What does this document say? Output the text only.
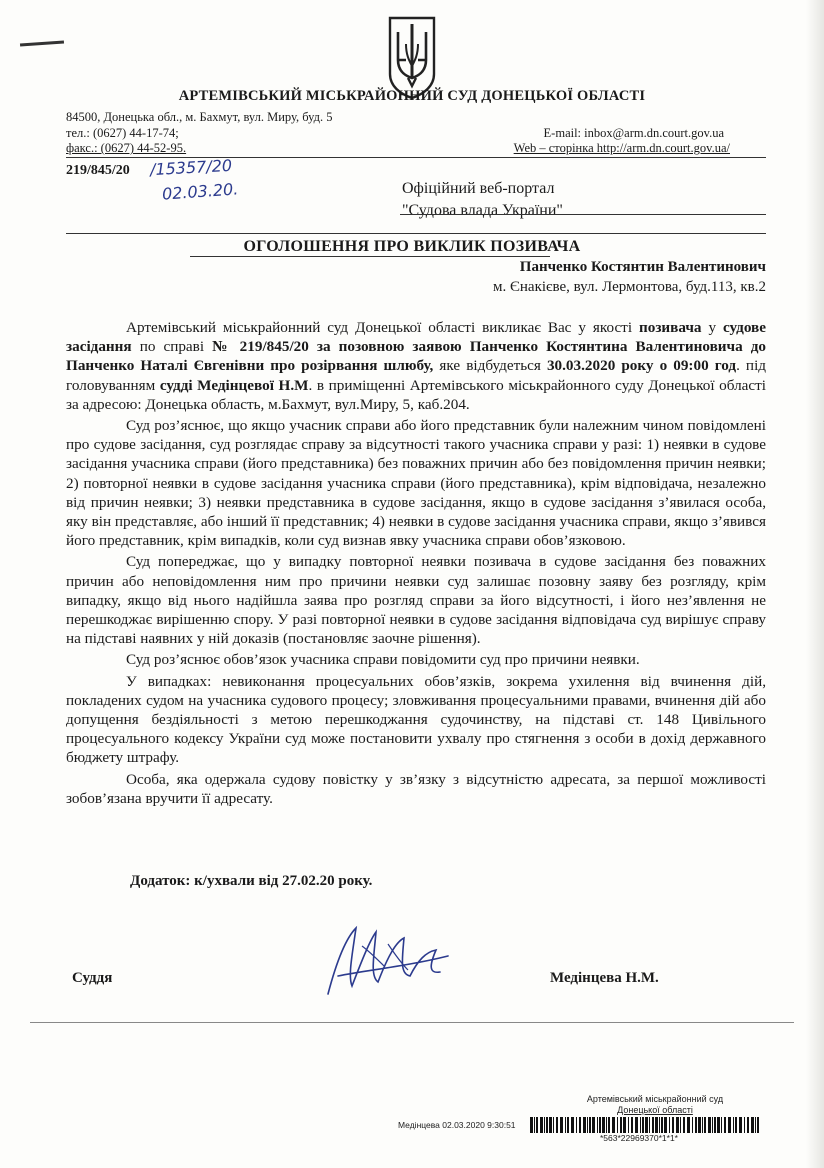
АРТЕМІВСЬКИЙ МІСЬКРАЙОННИЙ СУД ДОНЕЦЬКОЇ ОБЛАСТІ
84500, Донецька обл., м. Бахмут, вул. Миру, буд. 5
тел.: (0627) 44-17-74;
факс.: (0627) 44-52-95.
E-mail: inbox@arm.dn.court.gov.ua
Web – сторінка http://arm.dn.court.gov.ua/
219/845/20 /15357/20
02.03.20.	Офіційний веб-портал
"Судова влада України"
ОГОЛОШЕННЯ ПРО ВИКЛИК ПОЗИВАЧА
Панченко Костянтин Валентинович
м. Єнакієве, вул. Лермонтова, буд.113, кв.2

Артемівський міськрайонний суд Донецької області викликає Вас у якості позивача у судове засідання по справі № 219/845/20 за позовною заявою Панченко Костянтина Валентиновича до Панченко Наталі Євгенівни про розірвання шлюбу, яке відбудеться 30.03.2020 року о 09:00 год. під головуванням судді Медінцевої Н.М. в приміщенні Артемівського міськрайонного суду Донецької області за адресою: Донецька область, м.Бахмут, вул.Миру, 5, каб.204.

Суд роз’яснює, що якщо учасник справи або його представник були належним чином повідомлені про судове засідання, суд розглядає справу за відсутності такого учасника справи у разі: 1) неявки в судове засідання учасника справи (його представника) без поважних причин або без повідомлення причин неявки; 2) повторної неявки в судове засідання учасника справи (його представника), крім відповідача, незалежно від причин неявки; 3) неявки представника в судове засідання, якщо в судове засідання з’явилася особа, яку він представляє, або інший її представник; 4) неявки в судове засідання учасника справи, якщо з’явився його представник, крім випадків, коли суд визнав явку учасника справи обов’язковою.

Суд попереджає, що у випадку повторної неявки позивача в судове засідання без поважних причин або неповідомлення ним про причини неявки суд залишає позовну заяву без розгляду, крім випадку, якщо від нього надійшла заява про розгляд справи за його відсутності, і його нез’явлення не перешкоджає вирішенню спору. У разі повторної неявки в судове засідання відповідача суд вирішує справу на підставі наявних у ній доказів (постановляє заочне рішення).

Суд роз’яснює обов’язок учасника справи повідомити суд про причини неявки.

У випадках: невиконання процесуальних обов’язків, зокрема ухилення від вчинення дій, покладених судом на учасника судового процесу; зловживання процесуальними правами, вчинення дій або допущення бездіяльності з метою перешкоджання судочинству, на підставі ст. 148 Цивільного процесуального кодексу України суд може постановити ухвалу про стягнення з особи в дохід державного бюджету штрафу.

Особа, яка одержала судову повістку у зв’язку з відсутністю адресата, за першої можливості зобов’язана вручити її адресату.

Додаток: к/ухвали від 27.02.20 року.
Суддя	Медінцева Н.М.
Артемівський міськрайонний суд
Донецької області
Медінцева 02.03.2020 9:30:51
*563*22969370*1*1*
